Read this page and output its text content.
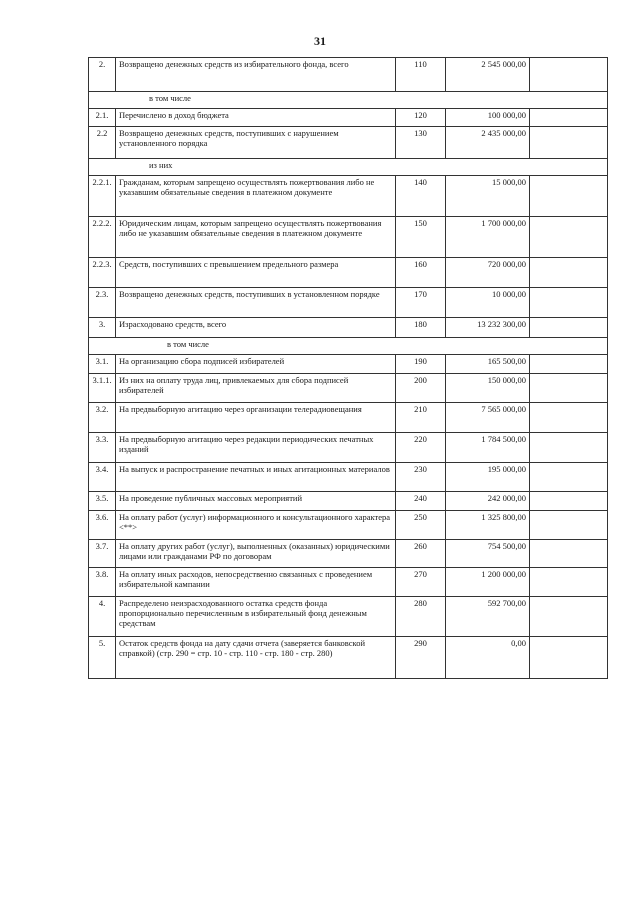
31
2.	Возвращено денежных средств из избирательного фонда, всего	110	2 545 000,00	
в том числе				
2.1.	Перечислено в доход бюджета	120	100 000,00	
2.2	Возвращено денежных средств, поступивших с нарушением установленного порядка	130	2 435 000,00	
из них				
2.2.1.	Гражданам, которым запрещено осуществлять пожертвования либо не указавшим обязательные сведения в платежном документе	140	15 000,00	
2.2.2.	Юридическим лицам, которым запрещено осуществлять пожертвования либо не указавшим обязательные сведения в платежном документе	150	1 700 000,00	
2.2.3.	Средств, поступивших с превышением предельного размера	160	720 000,00	
2.3.	Возвращено денежных средств, поступивших в установленном порядке	170	10 000,00	
3.	Израсходовано средств, всего	180	13 232 300,00	
в том числе				
3.1.	На организацию сбора подписей избирателей	190	165 500,00	
3.1.1.	Из них на оплату труда лиц, привлекаемых для сбора подписей избирателей	200	150 000,00	
3.2.	На предвыборную агитацию через организации телерадиовещания	210	7 565 000,00	
3.3.	На предвыборную агитацию через редакции периодических печатных изданий	220	1 784 500,00	
3.4.	На выпуск и распространение печатных и иных агитационных материалов	230	195 000,00	
3.5.	На проведение публичных массовых мероприятий	240	242 000,00	
3.6.	На оплату работ (услуг) информационного и консультационного характера <**>	250	1 325 800,00	
3.7.	На оплату других работ (услуг), выполненных (оказанных) юридическими лицами или гражданами РФ по договорам	260	754 500,00	
3.8.	На оплату иных расходов, непосредственно связанных с проведением избирательной кампании	270	1 200 000,00	
4.	Распределено неизрасходованного остатка средств фонда пропорционально перечисленным в избирательный фонд денежным средствам	280	592 700,00	
5.	Остаток средств фонда на дату сдачи отчета (заверяется банковской справкой) (стр. 290 = стр. 10 - стр. 110 - стр. 180 - стр. 280)	290	0,00	
